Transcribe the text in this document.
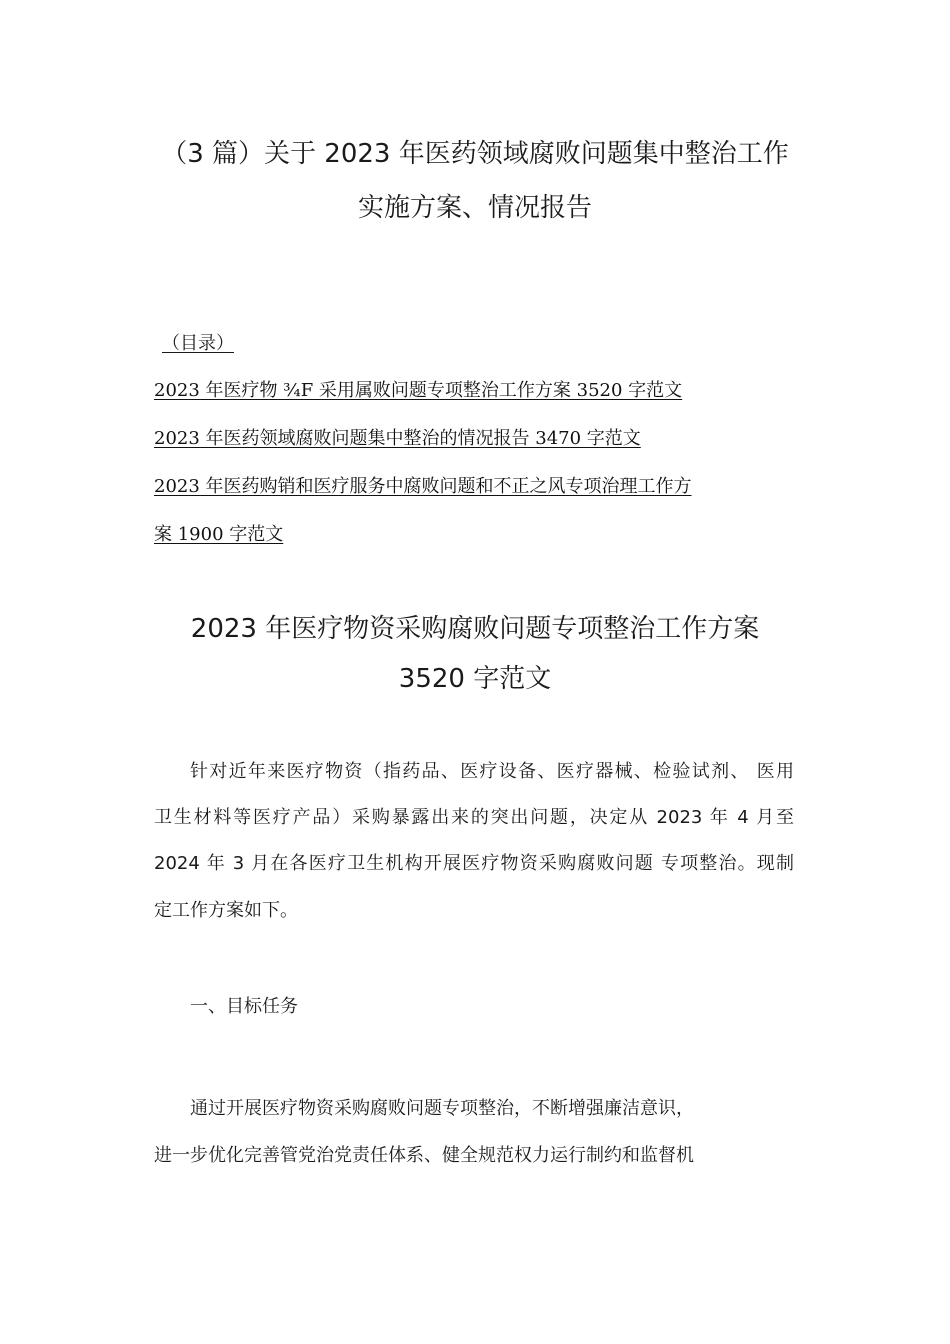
（3 篇）关于 2023 年医药领域腐败问题集中整治工作
实施方案、情况报告
（目录）
2023 年医疗物 ¾F 采用属败问题专项整治工作方案 3520 字范文
2023 年医药领域腐败问题集中整治的情况报告 3470 字范文
2023 年医药购销和医疗服务中腐败问题和不正之风专项治理工作方
案 1900 字范文
2023 年医疗物资采购腐败问题专项整治工作方案
3520 字范文
针对近年来医疗物资（指药品、医疗设备、医疗器械、检验试剂、 医用
卫生材料等医疗产品）采购暴露出来的突出问题，决定从 2023 年 4 月至
2024 年 3 月在各医疗卫生机构开展医疗物资采购腐败问题 专项整治。现制
定工作方案如下。
一、目标任务
通过开展医疗物资采购腐败问题专项整治，不断增强廉洁意识，
进一步优化完善管党治党责任体系、健全规范权力运行制约和监督机
